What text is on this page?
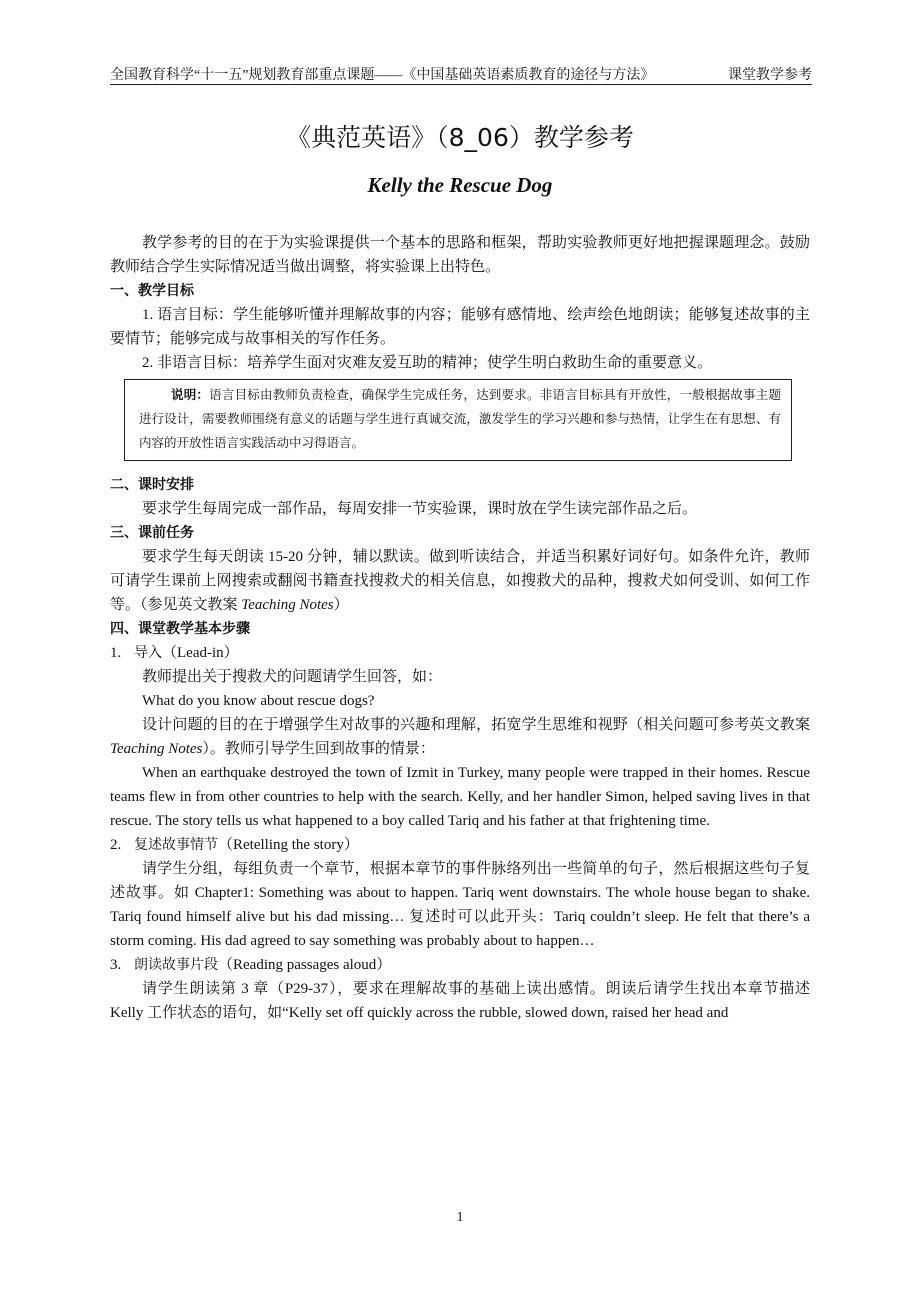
全国教育科学“十一五”规划教育部重点课题——《中国基础英语素质教育的途径与方法》	课堂教学参考
《典范英语》（8_06）教学参考
Kelly the Rescue Dog

教学参考的目的在于为实验课提供一个基本的思路和框架，帮助实验教师更好地把握课题理念。鼓励教师结合学生实际情况适当做出调整，将实验课上出特色。

一、教学目标

1. 语言目标：学生能够听懂并理解故事的内容；能够有感情地、绘声绘色地朗读；能够复述故事的主要情节；能够完成与故事相关的写作任务。

2. 非语言目标：培养学生面对灾难友爱互助的精神；使学生明白救助生命的重要意义。

说明：语言目标由教师负责检查，确保学生完成任务，达到要求。非语言目标具有开放性，一般根据故事主题进行设计，需要教师围绕有意义的话题与学生进行真诚交流，激发学生的学习兴趣和参与热情，让学生在有思想、有内容的开放性语言实践活动中习得语言。

二、课时安排

要求学生每周完成一部作品，每周安排一节实验课，课时放在学生读完部作品之后。

三、课前任务

要求学生每天朗读 15-20 分钟，辅以默读。做到听读结合，并适当积累好词好句。如条件允许，教师可请学生课前上网搜索或翻阅书籍查找搜救犬的相关信息，如搜救犬的品种，搜救犬如何受训、如何工作等。（参见英文教案 Teaching Notes）

四、课堂教学基本步骤

1. 导入（Lead-in）

教师提出关于搜救犬的问题请学生回答，如：

What do you know about rescue dogs?

设计问题的目的在于增强学生对故事的兴趣和理解，拓宽学生思维和视野（相关问题可参考英文教案 Teaching Notes）。教师引导学生回到故事的情景：

When an earthquake destroyed the town of Izmit in Turkey, many people were trapped in their homes. Rescue teams flew in from other countries to help with the search. Kelly, and her handler Simon, helped saving lives in that rescue. The story tells us what happened to a boy called Tariq and his father at that frightening time.

2. 复述故事情节（Retelling the story）

请学生分组，每组负责一个章节，根据本章节的事件脉络列出一些简单的句子，然后根据这些句子复述故事。如 Chapter1: Something was about to happen. Tariq went downstairs. The whole house began to shake. Tariq found himself alive but his dad missing… 复述时可以此开头：Tariq couldn’t sleep. He felt that there’s a storm coming. His dad agreed to say something was probably about to happen…

3. 朗读故事片段（Reading passages aloud）

请学生朗读第 3 章（P29-37），要求在理解故事的基础上读出感情。朗读后请学生找出本章节描述 Kelly 工作状态的语句，如“Kelly set off quickly across the rubble, slowed down, raised her head and

1
